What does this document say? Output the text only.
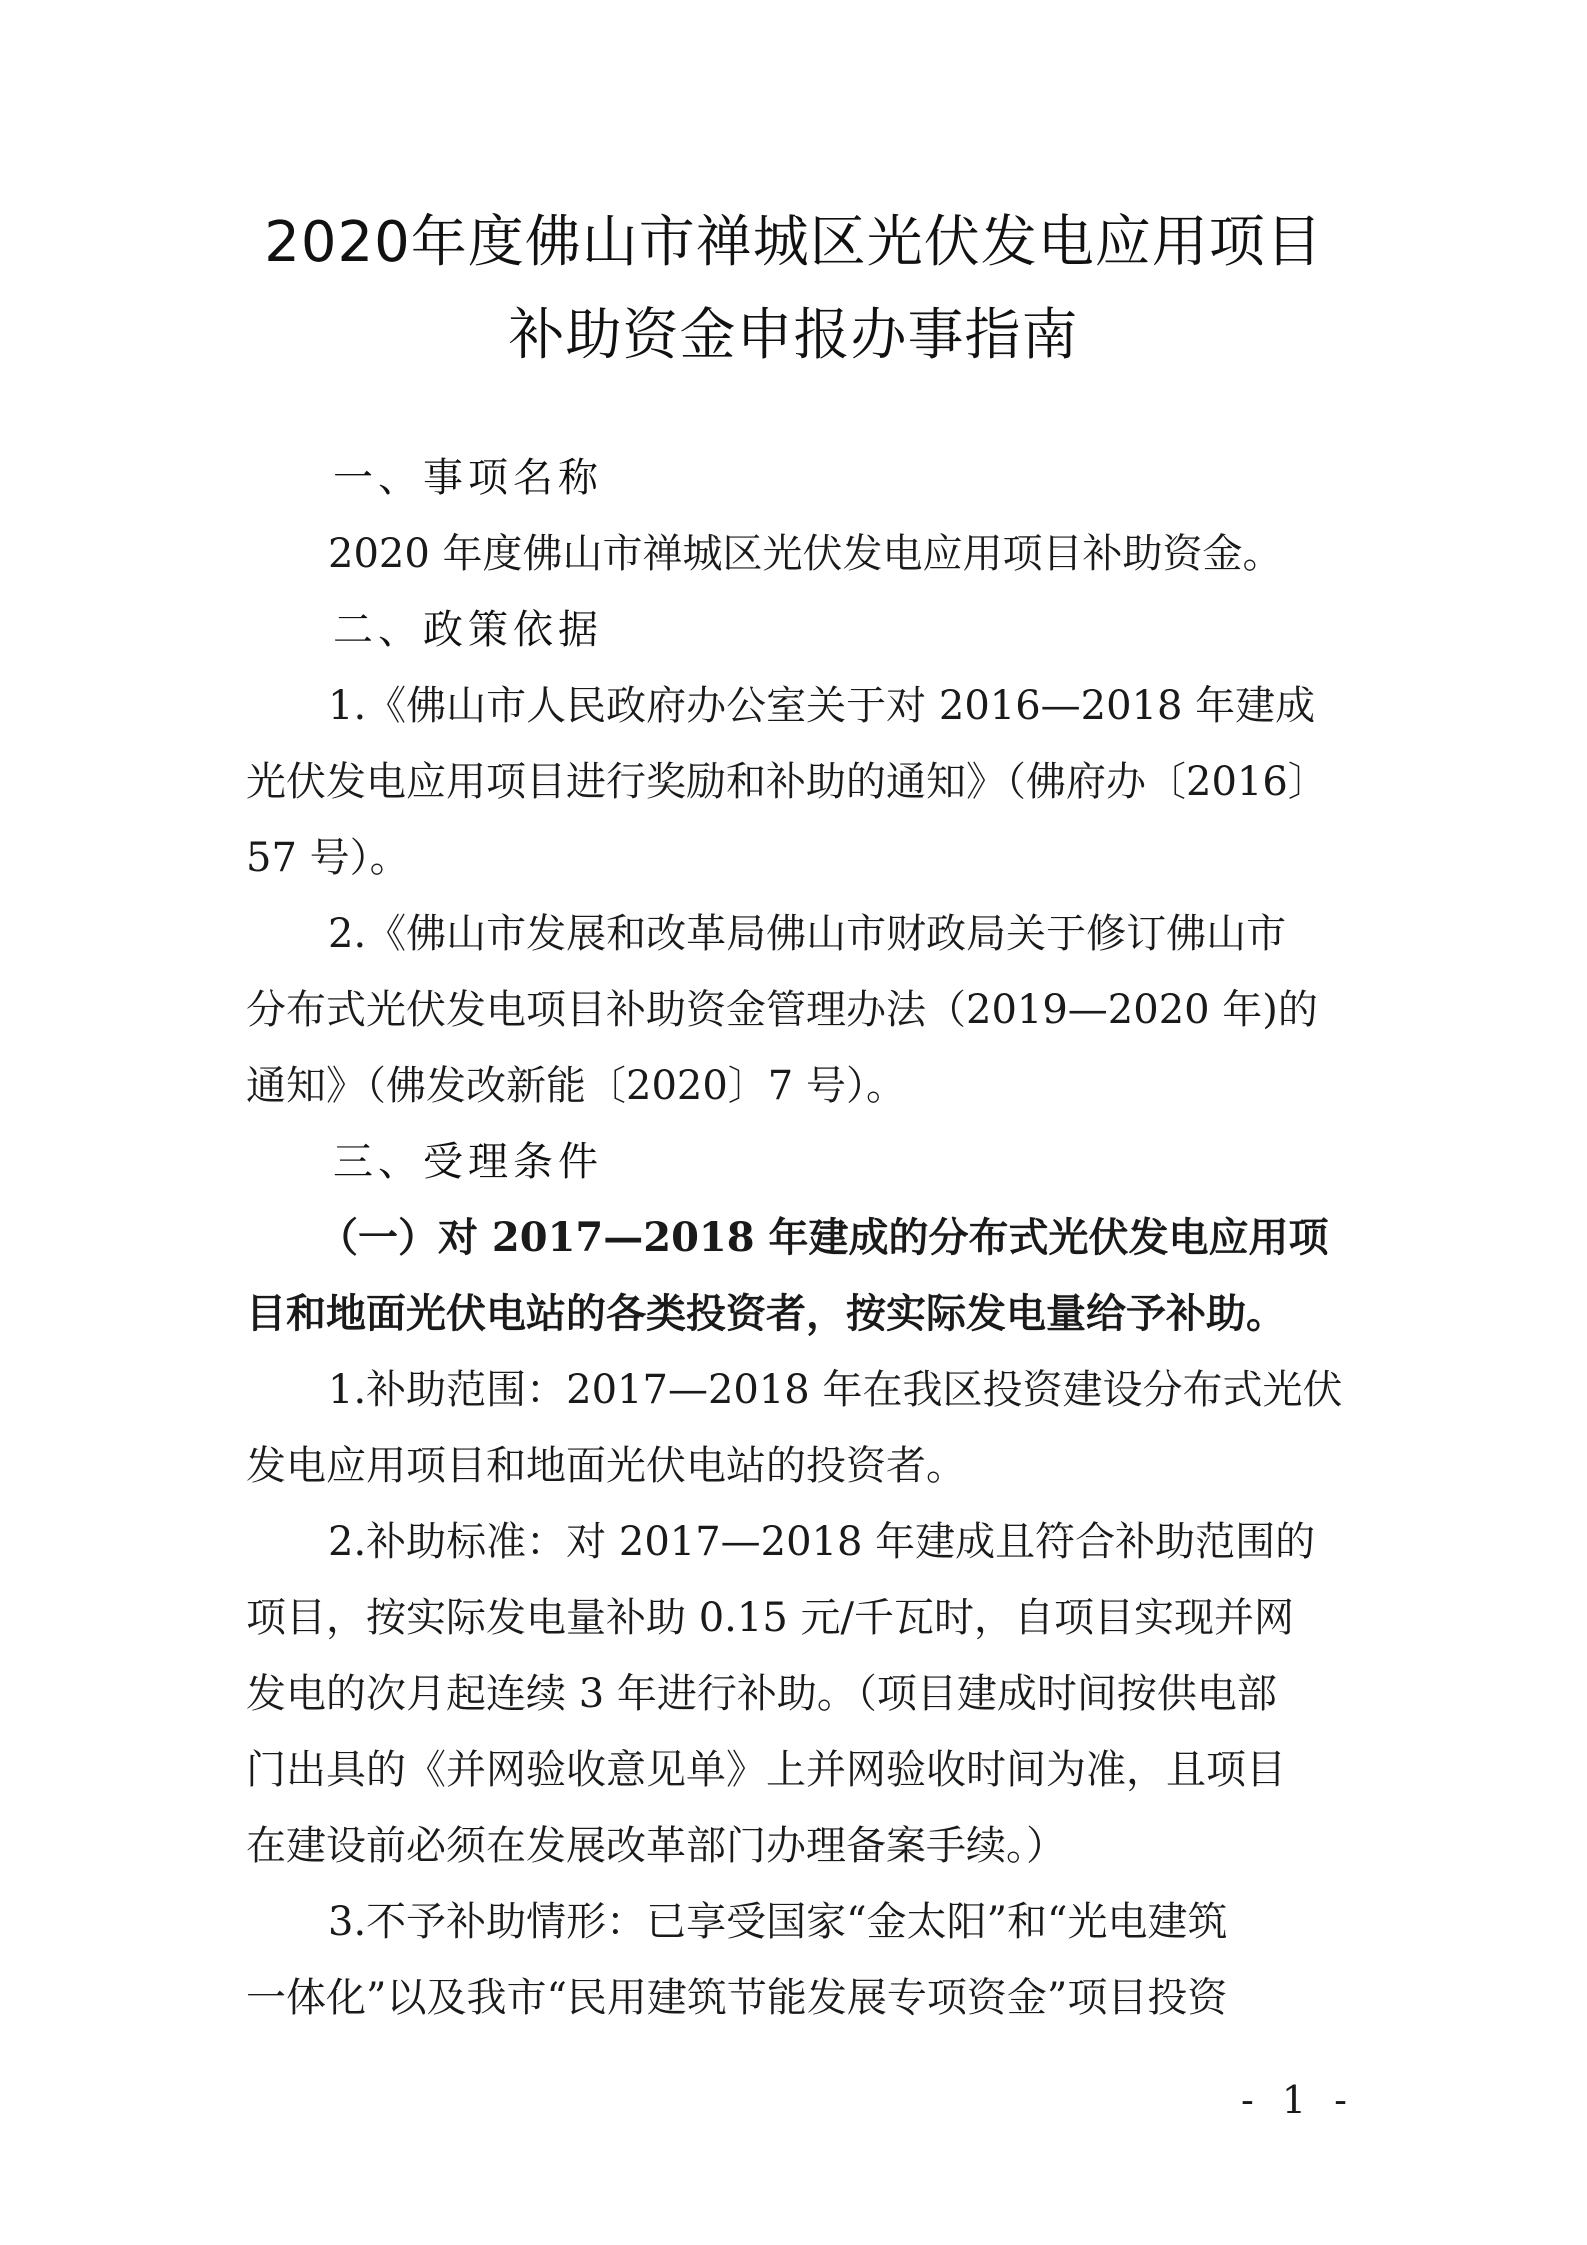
2020年度佛山市禅城区光伏发电应用项目
补助资金申报办事指南
一、事项名称
2020 年度佛山市禅城区光伏发电应用项目补助资金。
二、政策依据
1.《佛山市人民政府办公室关于对 2016—2018 年建成
光伏发电应用项目进行奖励和补助的通知》（佛府办〔2016〕
57 号）。
2.《佛山市发展和改革局佛山市财政局关于修订佛山市
分布式光伏发电项目补助资金管理办法（2019—2020 年)的
通知》（佛发改新能〔2020〕7 号）。
三、受理条件
（一）对 2017—2018 年建成的分布式光伏发电应用项
目和地面光伏电站的各类投资者，按实际发电量给予补助。
1.补助范围：2017—2018 年在我区投资建设分布式光伏
发电应用项目和地面光伏电站的投资者。
2.补助标准：对 2017—2018 年建成且符合补助范围的
项目，按实际发电量补助 0.15 元/千瓦时，自项目实现并网
发电的次月起连续 3 年进行补助。（项目建成时间按供电部
门出具的《并网验收意见单》上并网验收时间为准，且项目
在建设前必须在发展改革部门办理备案手续。）
3.不予补助情形：已享受国家“金太阳”和“光电建筑
一体化”以及我市“民用建筑节能发展专项资金”项目投资
- 1 -
